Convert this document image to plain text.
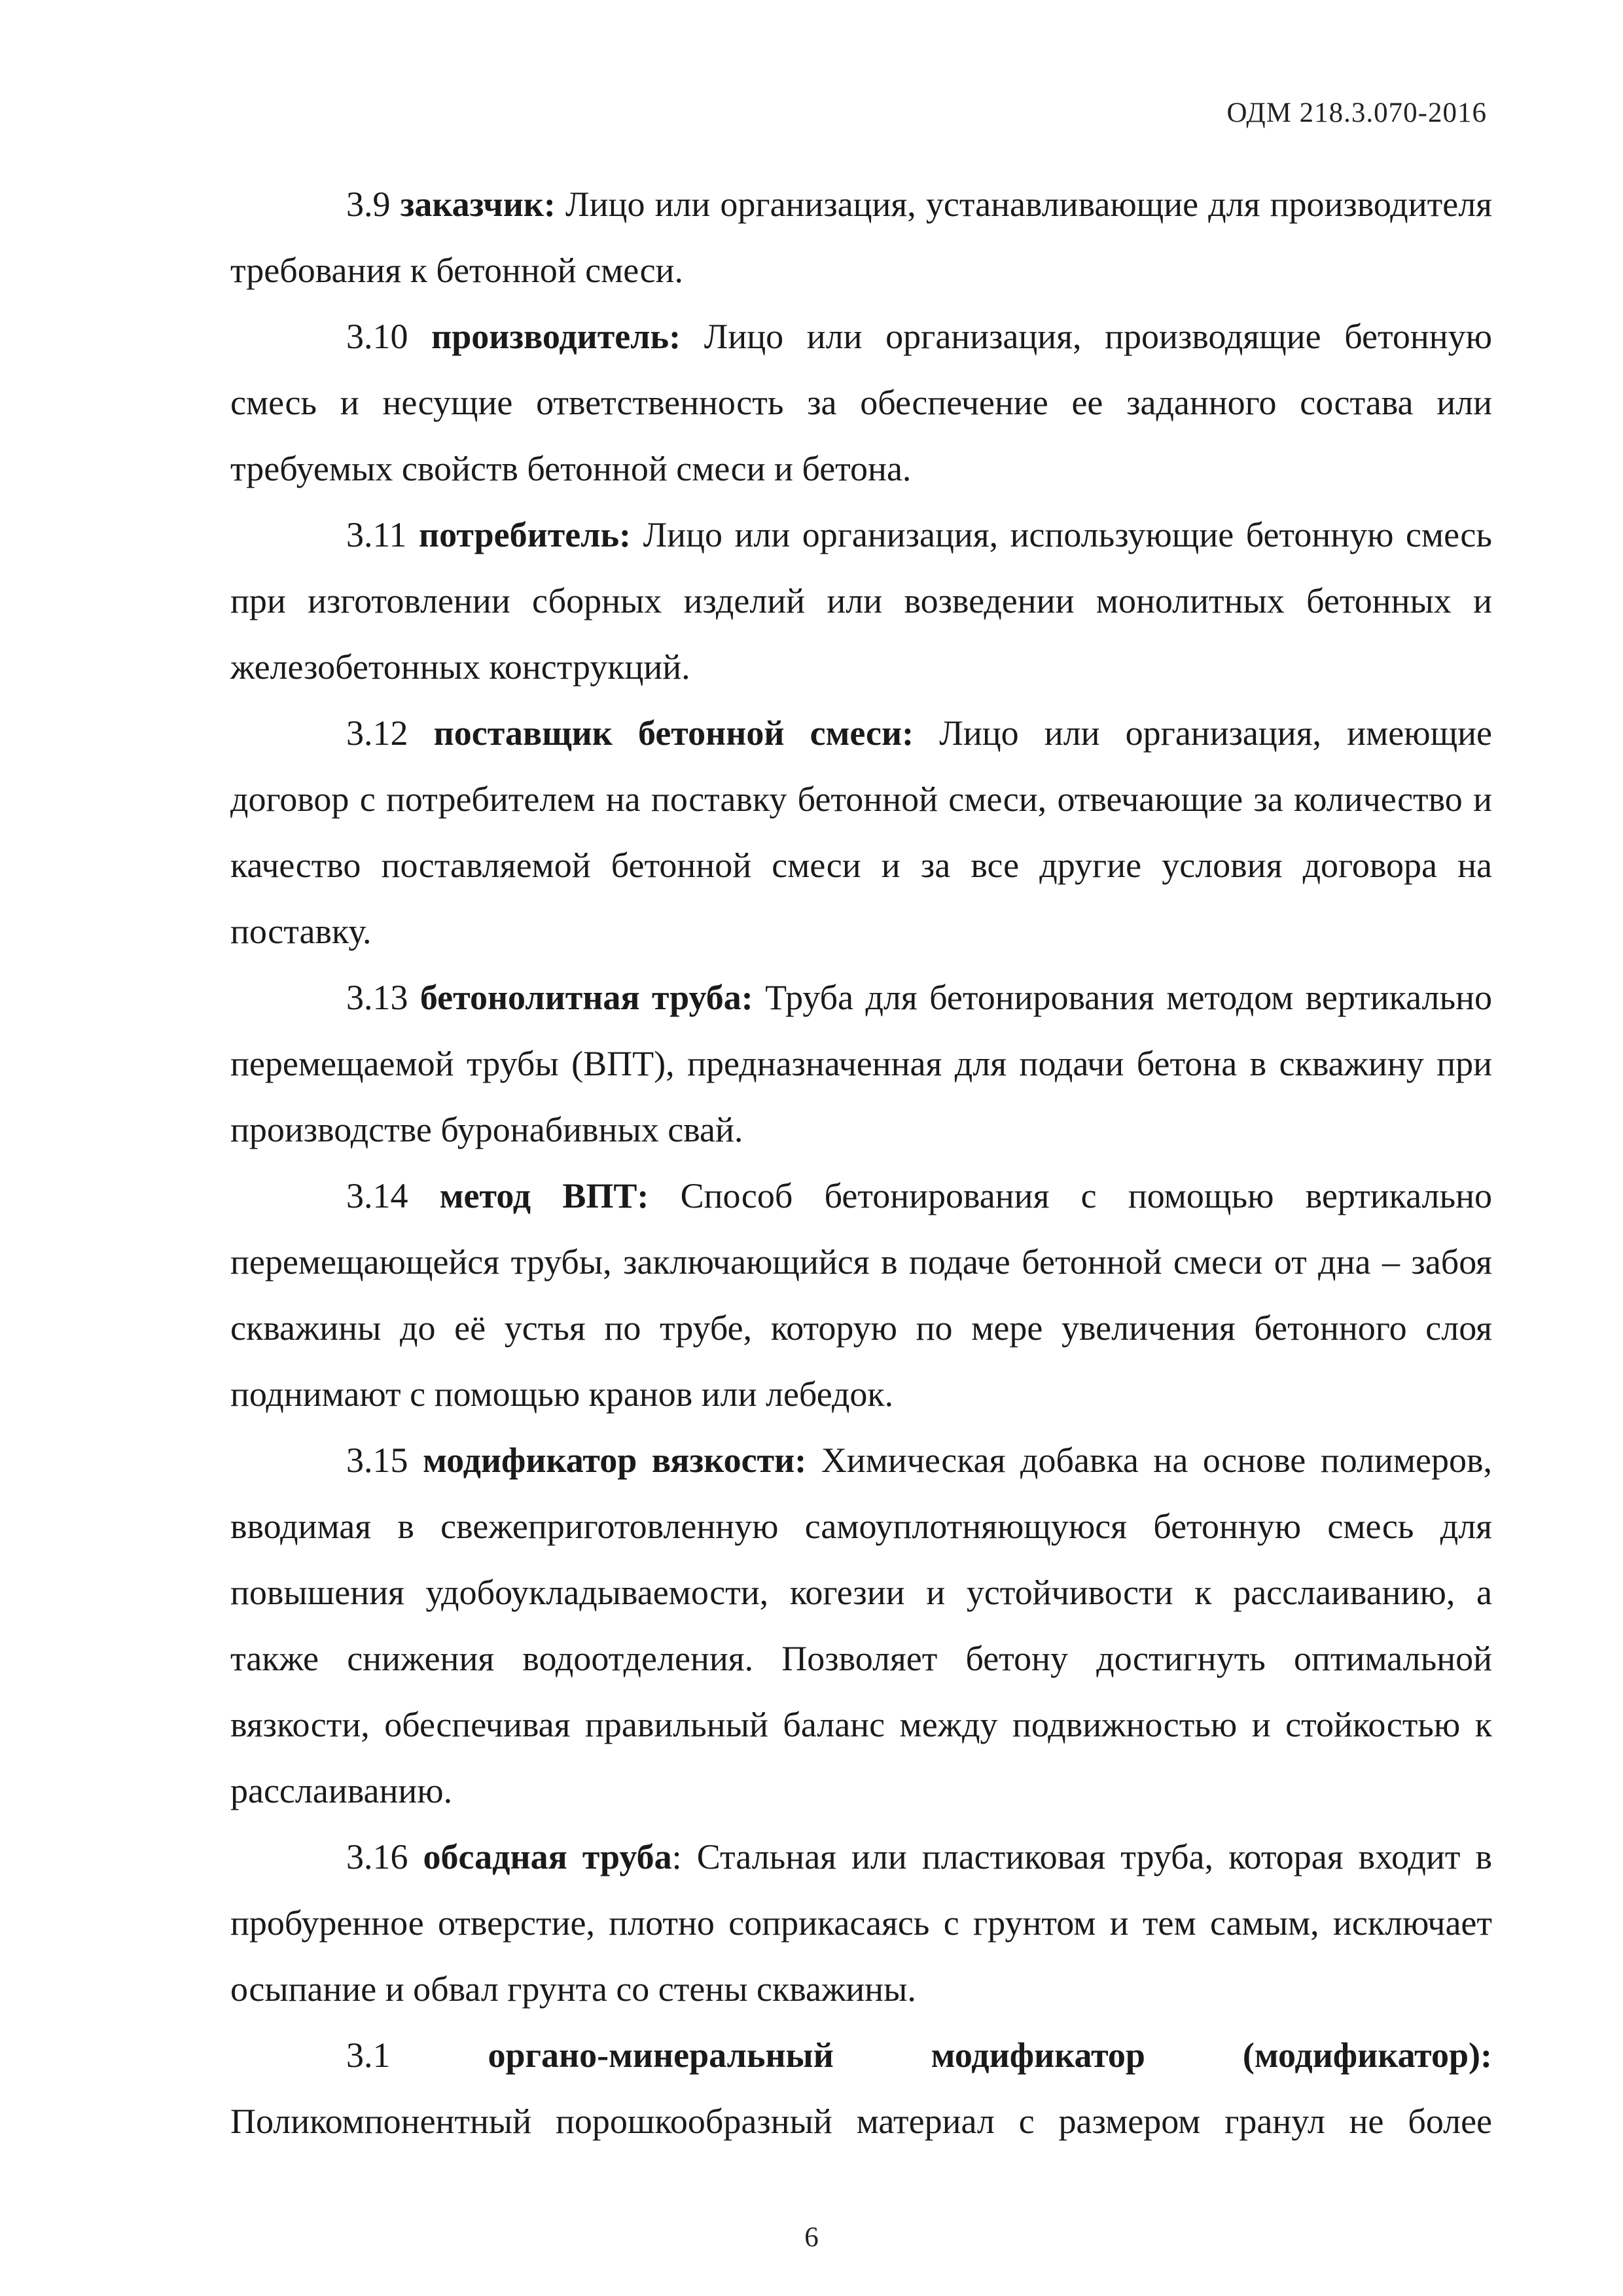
ОДМ 218.3.070-2016

3.9 заказчик: Лицо или организация, устанавливающие для производителя требования к бетонной смеси.

3.10 производитель: Лицо или организация, производящие бетонную смесь и несущие ответственность за обеспечение ее заданного состава или требуемых свойств бетонной смеси и бетона.

3.11 потребитель: Лицо или организация, использующие бетонную смесь при изготовлении сборных изделий или возведении монолитных бетонных и железобетонных конструкций.

3.12 поставщик бетонной смеси: Лицо или организация, имеющие договор с потребителем на поставку бетонной смеси, отвечающие за количество и качество поставляемой бетонной смеси и за все другие условия договора на поставку.

3.13 бетонолитная труба: Труба для бетонирования методом вертикально перемещаемой трубы (ВПТ), предназначенная для подачи бетона в скважину при производстве буронабивных свай.

3.14 метод ВПТ: Способ бетонирования с помощью вертикально перемещающейся трубы, заключающийся в подаче бетонной смеси от дна – забоя скважины до её устья по трубе, которую по мере увеличения бетонного слоя поднимают с помощью кранов или лебедок.

3.15 модификатор вязкости: Химическая добавка на основе полимеров, вводимая в свежеприготовленную самоуплотняющуюся бетонную смесь для повышения удобоукладываемости, когезии и устойчивости к расслаиванию, а также снижения водоотделения. Позволяет бетону достигнуть оптимальной вязкости, обеспечивая правильный баланс между подвижностью и стойкостью к расслаиванию.

3.16 обсадная труба: Стальная или пластиковая труба, которая входит в пробуренное отверстие, плотно соприкасаясь с грунтом и тем самым, исключает осыпание и обвал грунта со стены скважины.

3.1	органо-минеральный модификатор (модификатор): Поликомпонентный порошкообразный материал с размером гранул не более

6
